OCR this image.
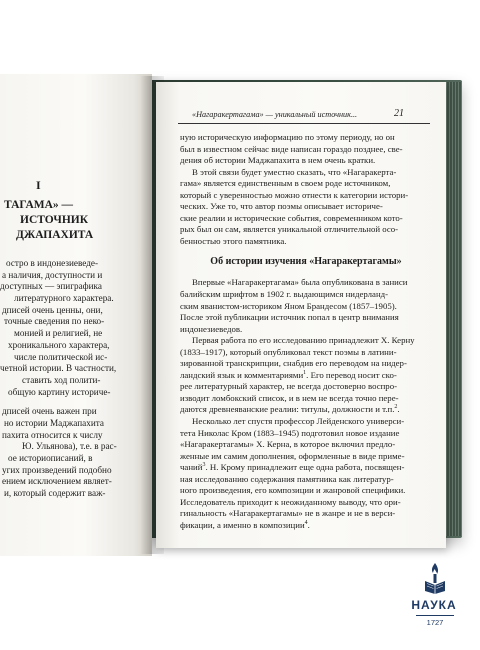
I
ТАГАМА» —
ИСТОЧНИК
ДЖАПАХИТА
остро в индонезиеведе-
а наличия, доступности и
доступных — эпиграфика
литературного характера.
дписей очень ценны, они,
точные сведения по неко-
монией и религией, не
хроникального характера,
числе политической ис-
четной истории. В частности,
ставить ход полити-
общую картину историче-
дписей очень важен при
но истории Маджапахита
пахита относится к числу
Ю. Ульянова), т.е. в рас-
ое историописаний, в
угих произведений подобно
ением исключением являет-
и, который содержит важ-
«Нагаракертагама» — уникальный источник...	21
ную историческую информацию по этому периоду, но он
был в известном сейчас виде написан гораздо позднее, све-
дения об истории Маджапахита в нем очень кратки.
В этой связи будет уместно сказать, что «Нагаракерта-
гама» является единственным в своем роде источником,
который с уверенностью можно отнести к категории истори-
ческих. Уже то, что автор поэмы описывает историче-
ские реалии и исторические события, современником кото-
рых был он сам, является уникальной отличительной осо-
бенностью этого памятника.
Об истории изучения «Нагаракертагамы»
Впервые «Нагаракертагама» была опубликована в заниси
балийским шрифтом в 1902 г. выдающимся нидерланд-
ским яванистом-историком Яном Брандесом (1857–1905).
После этой публикации источник попал в центр внимания
индонезиеведов.
Первая работа по его исследованию принадлежит Х. Керну
(1833–1917), который опубликовал текст поэмы в латини-
зированной транскрипции, снабдив его переводом на нидер-
ландский язык и комментариями$^1$. Его перевод носит ско-
рее литературный характер, не всегда достоверно воспро-
изводит ломбокский список, и в нем не всегда точно пере-
даются древнеяванские реалии: титулы, должности и т.п.$^2$.
Несколько лет спустя профессор Лейденского универси-
тета Николас Кром (1883–1945) подготовил новое издание
«Нагаракертагамы» Х. Керна, в которое включил предло-
женные им самим дополнения, оформленные в виде приме-
чаний$^3$. Н. Крому принадлежит еще одна работа, посвящен-
ная исследованию содержания памятника как литератур-
ного произведения, его композиции и жанровой специфики.
Исследователь приходит к неожиданному выводу, что ори-
гинальность «Нагаракертагамы» не в жанре и не в верси-
фикации, а именно в композиции$^4$.
НАУКА
1727
